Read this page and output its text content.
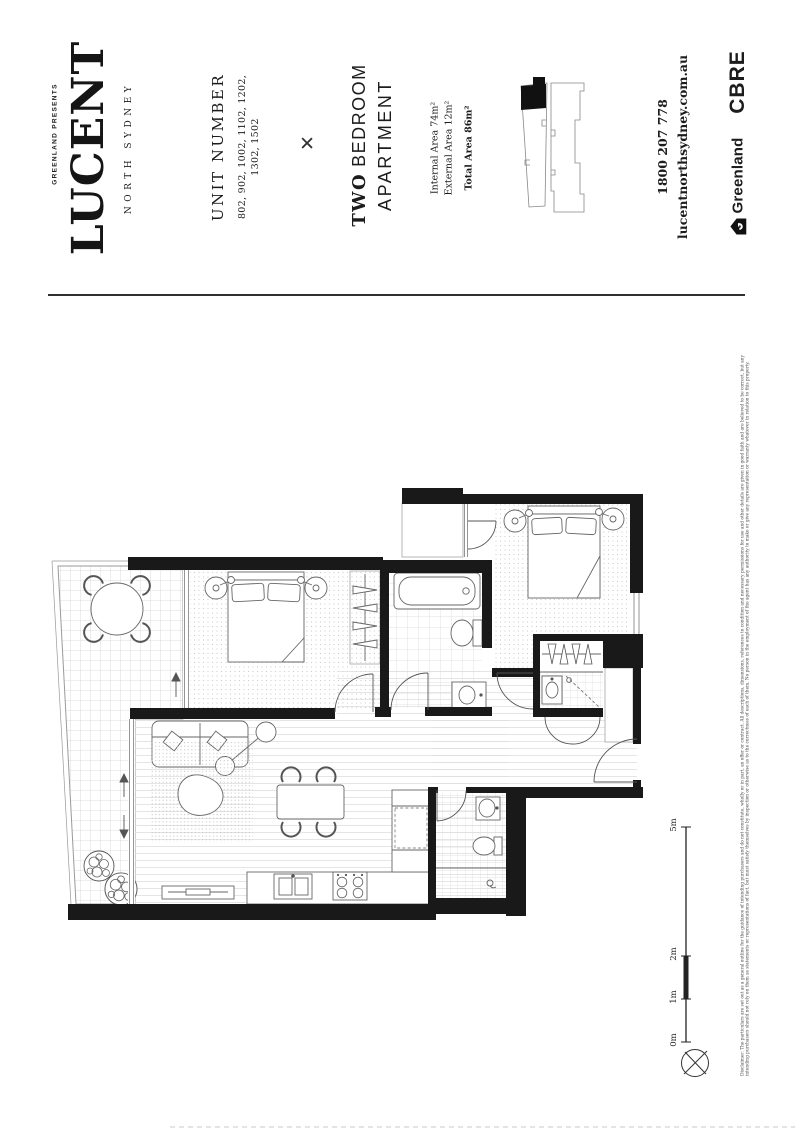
GREENLAND PRESENTS LUCENT NORTH SYDNEY	UNIT NUMBER 802, 902, 1002, 1102, 1202, 1302, 1502 ✕
TWOBEDROOM APARTMENT	Internal Area 74m² External Area 12m² Total Area 86m²	1800 207 778 lucentnorthsydney.com.au	Greenland
CBRE
Disclaimer: The particulars are set out as a general outline for the guidance of intending purchasers and do not constitute, wholly or in part, an offer or contract. All descriptions, dimensions, references to condition and necessary permissions for use and other details are given in good faith and are believed to be correct, but any intending purchasers should not rely on them as statements or representations of fact, but must satisfy themselves by inspection or otherwise as to the correctness of each of them. No person in the employment of the agent has any authority to make or give any representation or warranty whatever in relation to this property.
0m
1m
2m
5m
